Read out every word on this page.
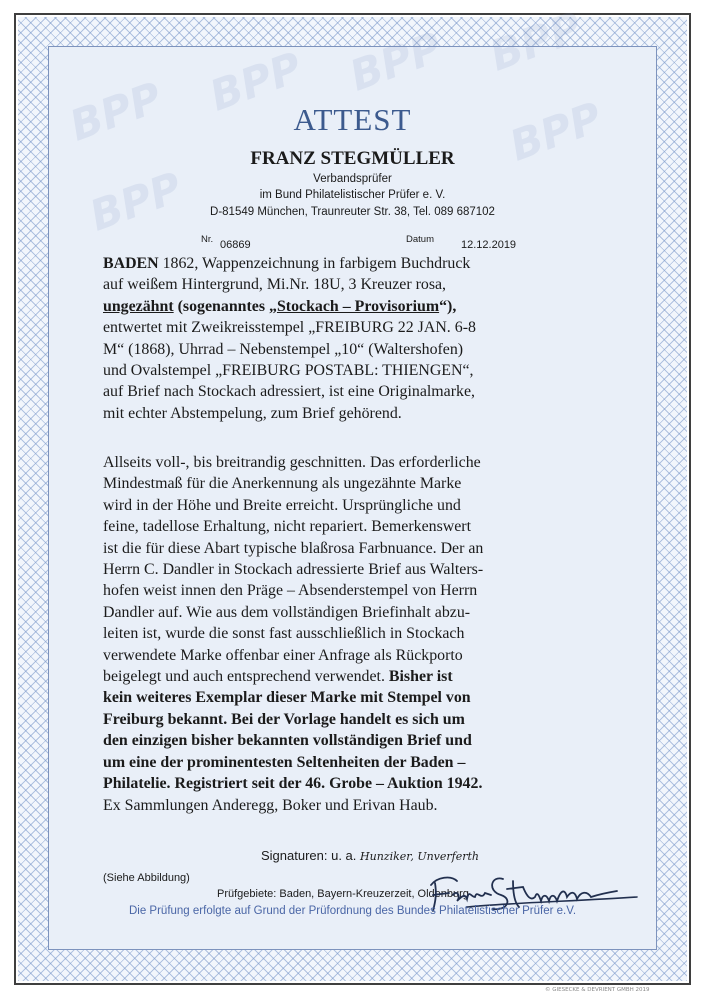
BPP BPP BPP BPP
BPP
BPP
ATTEST
FRANZ STEGMÜLLER
Verbandsprüfer
im Bund Philatelistischer Prüfer e. V.
D-81549 München, Traunreuter Str. 38, Tel. 089 687102
Nr. 06869	Datum 12.12.2019
BADEN 1862, Wappenzeichnung in farbigem Buchdruck
auf weißem Hintergrund, Mi.Nr. 18U, 3 Kreuzer rosa,
ungezähnt (sogenanntes „Stockach – Provisorium“),
entwertet mit Zweikreisstempel „FREIBURG 22 JAN. 6-8
M“ (1868), Uhrrad – Nebenstempel „10“ (Waltershofen)
und Ovalstempel „FREIBURG POSTABL: THIENGEN“,
auf Brief nach Stockach adressiert, ist eine Originalmarke,
mit echter Abstempelung, zum Brief gehörend.
Allseits voll-, bis breitrandig geschnitten. Das erforderliche
Mindestmaß für die Anerkennung als ungezähnte Marke
wird in der Höhe und Breite erreicht. Ursprüngliche und
feine, tadellose Erhaltung, nicht repariert. Bemerkenswert
ist die für diese Abart typische blaßrosa Farbnuance. Der an
Herrn C. Dandler in Stockach adressierte Brief aus Walters-
hofen weist innen den Präge – Absenderstempel von Herrn
Dandler auf. Wie aus dem vollständigen Briefinhalt abzu-
leiten ist, wurde die sonst fast ausschließlich in Stockach
verwendete Marke offenbar einer Anfrage als Rückporto
beigelegt und auch entsprechend verwendet. Bisher ist
kein weiteres Exemplar dieser Marke mit Stempel von
Freiburg bekannt. Bei der Vorlage handelt es sich um
den einzigen bisher bekannten vollständigen Brief und
um eine der prominentesten Seltenheiten der Baden –
Philatelie. Registriert seit der 46. Grobe – Auktion 1942.
Ex Sammlungen Anderegg, Boker und Erivan Haub.
Signaturen: u. a. Hunziker, Unverferth
(Siehe Abbildung)
Prüfgebiete: Baden, Bayern-Kreuzerzeit, Oldenburg
Die Prüfung erfolgte auf Grund der Prüfordnung des Bundes Philatelistischer Prüfer e.V.
© GIESECKE & DEVRIENT GMBH 2019
